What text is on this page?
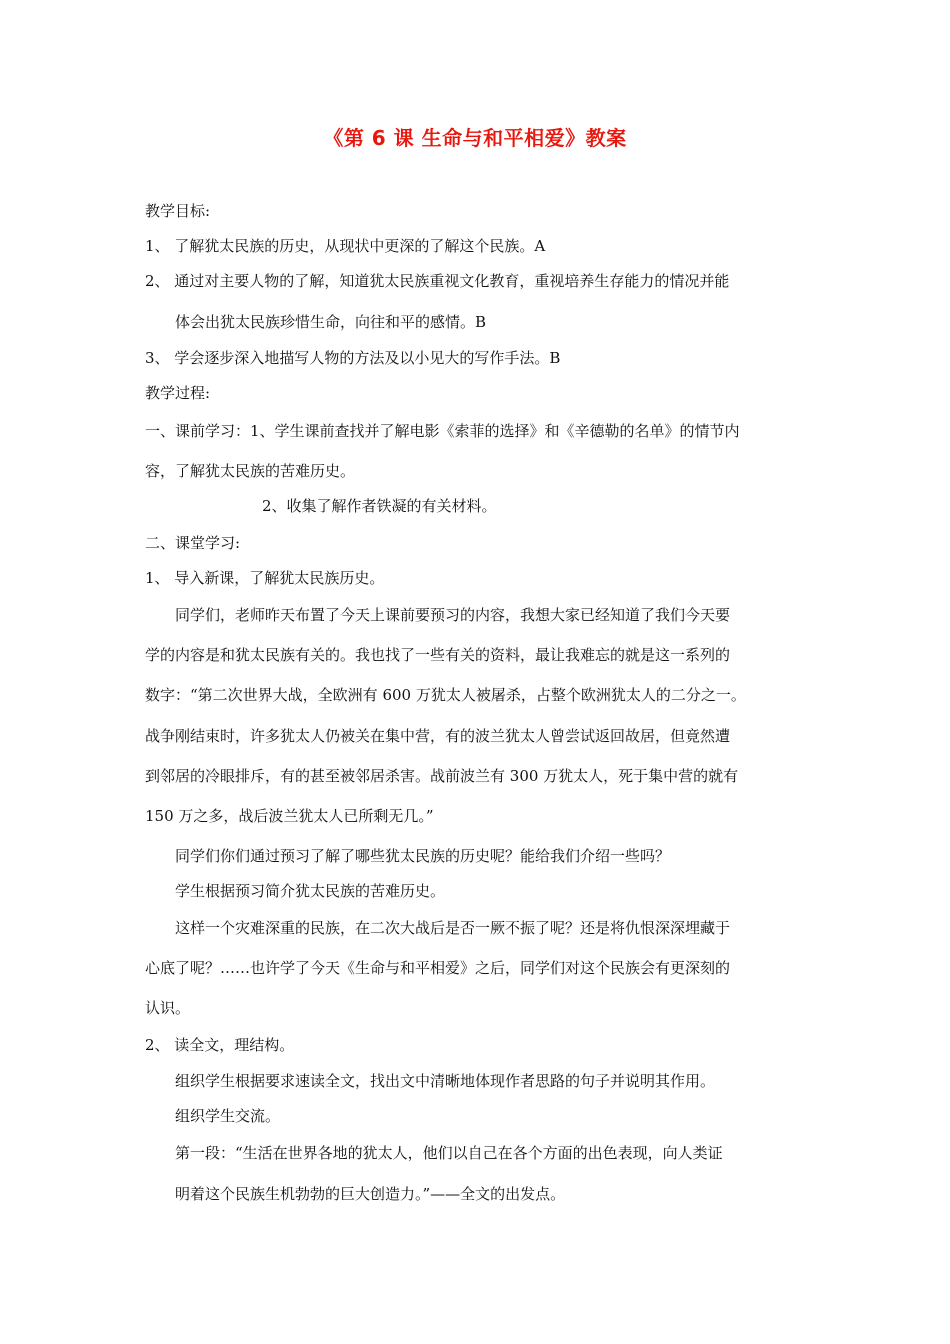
《第 6 课 生命与和平相爱》教案
教学目标:
1、 了解犹太民族的历史，从现状中更深的了解这个民族。A
2、 通过对主要人物的了解，知道犹太民族重视文化教育，重视培养生存能力的情况并能
体会出犹太民族珍惜生命，向往和平的感情。B
3、 学会逐步深入地描写人物的方法及以小见大的写作手法。B
教学过程:
一、课前学习：1、学生课前查找并了解电影《索菲的选择》和《辛德勒的名单》的情节内
容，了解犹太民族的苦难历史。
2、收集了解作者铁凝的有关材料。
二、课堂学习:
1、 导入新课，了解犹太民族历史。
同学们，老师昨天布置了今天上课前要预习的内容，我想大家已经知道了我们今天要
学的内容是和犹太民族有关的。我也找了一些有关的资料，最让我难忘的就是这一系列的
数字：“第二次世界大战，全欧洲有 600 万犹太人被屠杀，占整个欧洲犹太人的二分之一。
战争刚结束时，许多犹太人仍被关在集中营，有的波兰犹太人曾尝试返回故居，但竟然遭
到邻居的冷眼排斥，有的甚至被邻居杀害。战前波兰有 300 万犹太人，死于集中营的就有
150 万之多，战后波兰犹太人已所剩无几。”
同学们你们通过预习了解了哪些犹太民族的历史呢？能给我们介绍一些吗？
学生根据预习简介犹太民族的苦难历史。
这样一个灾难深重的民族，在二次大战后是否一厥不振了呢？还是将仇恨深深埋藏于
心底了呢？……也许学了今天《生命与和平相爱》之后，同学们对这个民族会有更深刻的
认识。
2、 读全文，理结构。
组织学生根据要求速读全文，找出文中清晰地体现作者思路的句子并说明其作用。
组织学生交流。
第一段：“生活在世界各地的犹太人，他们以自己在各个方面的出色表现，向人类证
明着这个民族生机勃勃的巨大创造力。”——全文的出发点。
